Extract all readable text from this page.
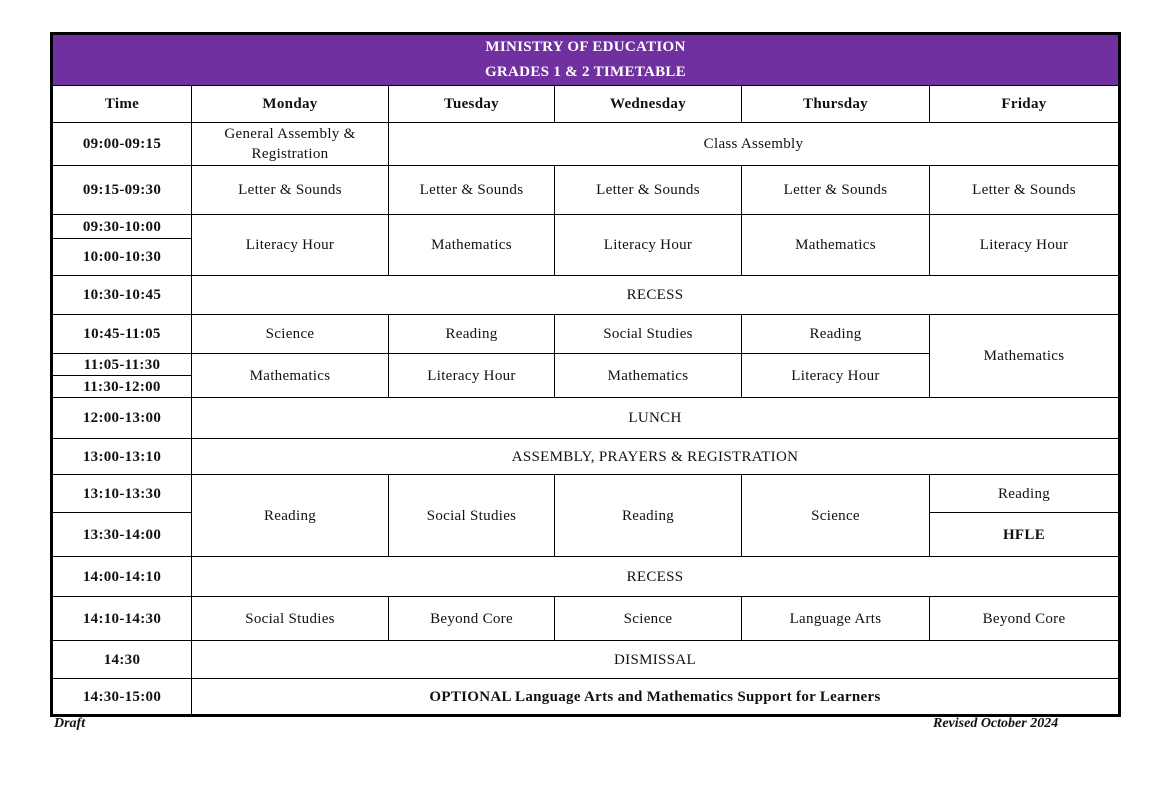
MINISTRY OF EDUCATION
GRADES 1 & 2 TIMETABLE					

Time	Monday	Tuesday	Wednesday	Thursday	Friday
09:00-09:15	General Assembly & Registration	Class Assembly			
09:15-09:30	Letter & Sounds	Letter & Sounds	Letter & Sounds	Letter & Sounds	Letter & Sounds
09:30-10:00	Literacy Hour	Mathematics	Literacy Hour	Mathematics	Literacy Hour
10:00-10:30					
10:30-10:45	RECESS				
10:45-11:05	Science	Reading	Social Studies	Reading	Mathematics
11:05-11:30	Mathematics	Literacy Hour	Mathematics	Literacy Hour	
11:30-12:00					
12:00-13:00	LUNCH				
13:00-13:10	ASSEMBLY, PRAYERS & REGISTRATION				
13:10-13:30	Reading	Social Studies	Reading	Science	Reading
13:30-14:00					HFLE
14:00-14:10	RECESS				
14:10-14:30	Social Studies	Beyond Core	Science	Language Arts	Beyond Core
14:30	DISMISSAL				
14:30-15:00	OPTIONAL Language Arts and Mathematics Support for Learners				
Draft	Revised October 2024
